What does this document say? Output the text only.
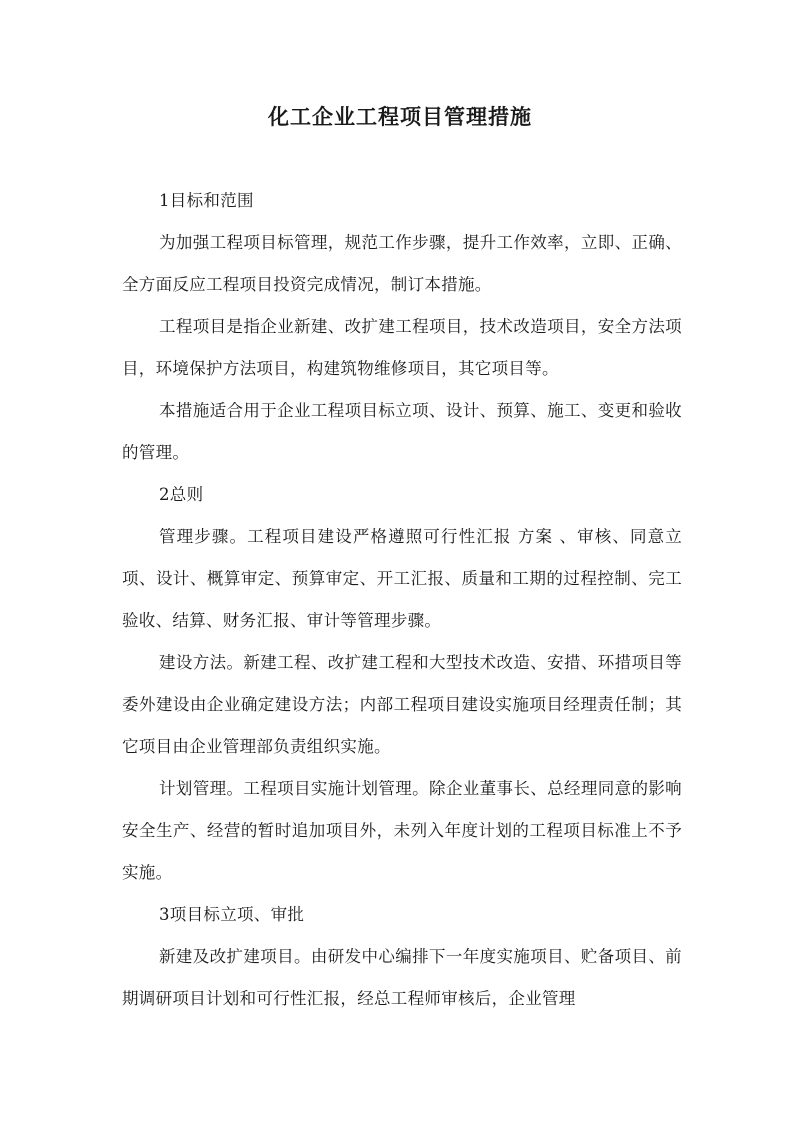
化工企业工程项目管理措施

1目标和范围

为加强工程项目标管理，规范工作步骤，提升工作效率，立即、正确、全方面反应工程项目投资完成情况，制订本措施。

工程项目是指企业新建、改扩建工程项目，技术改造项目，安全方法项目，环境保护方法项目，构建筑物维修项目，其它项目等。

本措施适合用于企业工程项目标立项、设计、预算、施工、变更和验收的管理。

2总则

管理步骤。工程项目建设严格遵照可行性汇报 方案 、审核、同意立项、设计、概算审定、预算审定、开工汇报、质量和工期的过程控制、完工验收、结算、财务汇报、审计等管理步骤。

建设方法。新建工程、改扩建工程和大型技术改造、安措、环措项目等委外建设由企业确定建设方法；内部工程项目建设实施项目经理责任制；其它项目由企业管理部负责组织实施。

计划管理。工程项目实施计划管理。除企业董事长、总经理同意的影响安全生产、经营的暂时追加项目外，未列入年度计划的工程项目标准上不予实施。

3项目标立项、审批

新建及改扩建项目。由研发中心编排下一年度实施项目、贮备项目、前期调研项目计划和可行性汇报，经总工程师审核后，企业管理
